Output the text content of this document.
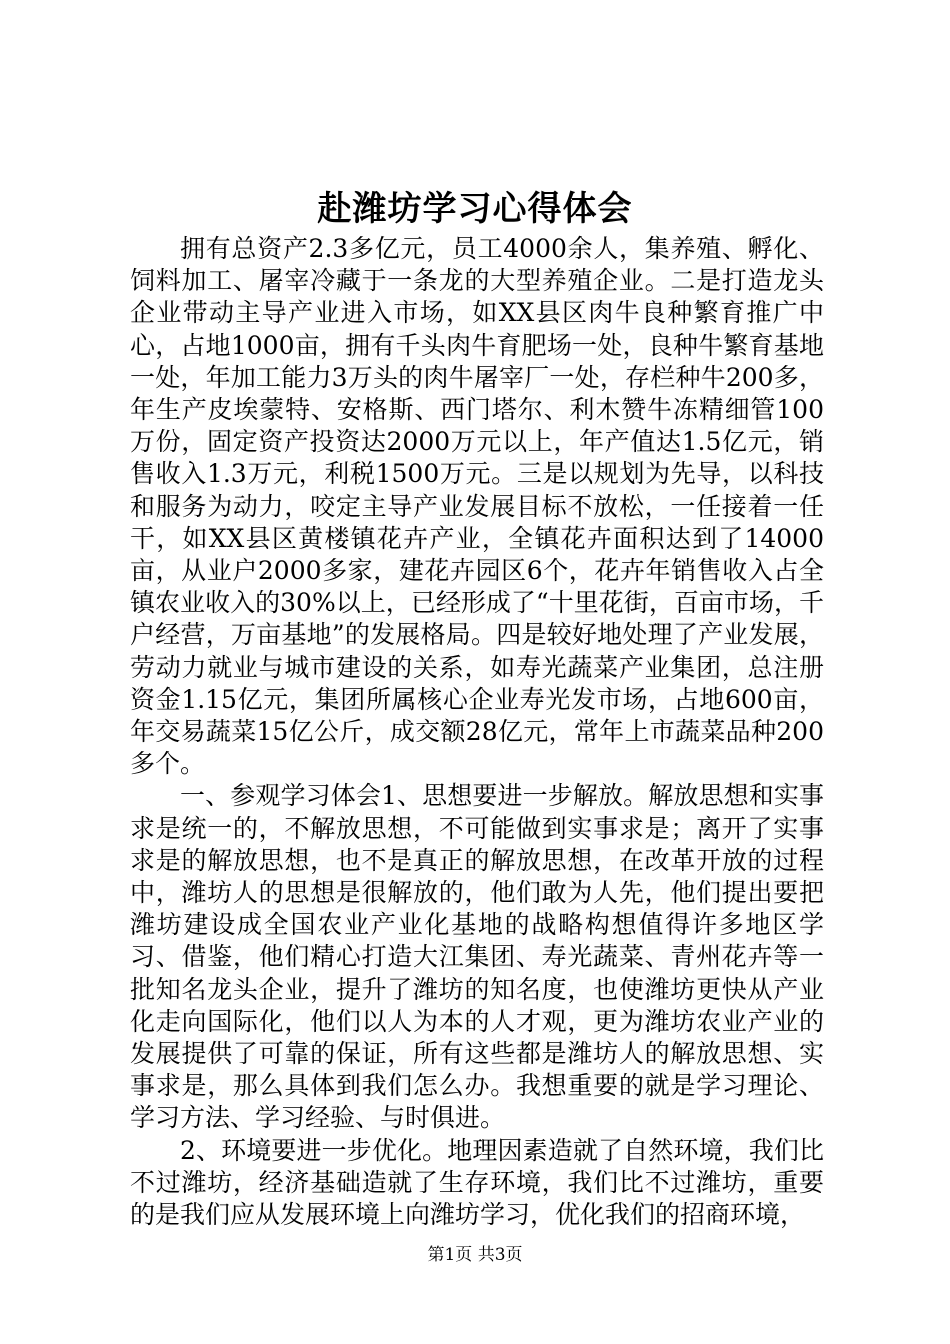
赴潍坊学习心得体会

拥有总资产2.3多亿元，员工4000余人，集养殖、孵化、饲料加工、屠宰冷藏于一条龙的大型养殖企业。二是打造龙头企业带动主导产业进入市场，如XX县区肉牛良种繁育推广中心，占地1000亩，拥有千头肉牛育肥场一处，良种牛繁育基地一处，年加工能力3万头的肉牛屠宰厂一处，存栏种牛200多，年生产皮埃蒙特、安格斯、西门塔尔、利木赞牛冻精细管100万份，固定资产投资达2000万元以上，年产值达1.5亿元，销售收入1.3万元，利税1500万元。三是以规划为先导，以科技和服务为动力，咬定主导产业发展目标不放松，一任接着一任干，如XX县区黄楼镇花卉产业，全镇花卉面积达到了14000亩，从业户2000多家，建花卉园区6个，花卉年销售收入占全镇农业收入的30%以上，已经形成了“十里花街，百亩市场，千户经营，万亩基地”的发展格局。四是较好地处理了产业发展，劳动力就业与城市建设的关系，如寿光蔬菜产业集团，总注册资金1.15亿元，集团所属核心企业寿光发市场，占地600亩，年交易蔬菜15亿公斤，成交额28亿元，常年上市蔬菜品种200多个。

一、参观学习体会1、思想要进一步解放。解放思想和实事求是统一的，不解放思想，不可能做到实事求是；离开了实事求是的解放思想，也不是真正的解放思想，在改革开放的过程中，潍坊人的思想是很解放的，他们敢为人先，他们提出要把潍坊建设成全国农业产业化基地的战略构想值得许多地区学习、借鉴，他们精心打造大江集团、寿光蔬菜、青州花卉等一批知名龙头企业，提升了潍坊的知名度，也使潍坊更快从产业化走向国际化，他们以人为本的人才观，更为潍坊农业产业的发展提供了可靠的保证，所有这些都是潍坊人的解放思想、实事求是，那么具体到我们怎么办。我想重要的就是学习理论、学习方法、学习经验、与时俱进。

2、环境要进一步优化。地理因素造就了自然环境，我们比不过潍坊，经济基础造就了生存环境，我们比不过潍坊，重要的是我们应从发展环境上向潍坊学习，优化我们的招商环境，

第1页 共3页
